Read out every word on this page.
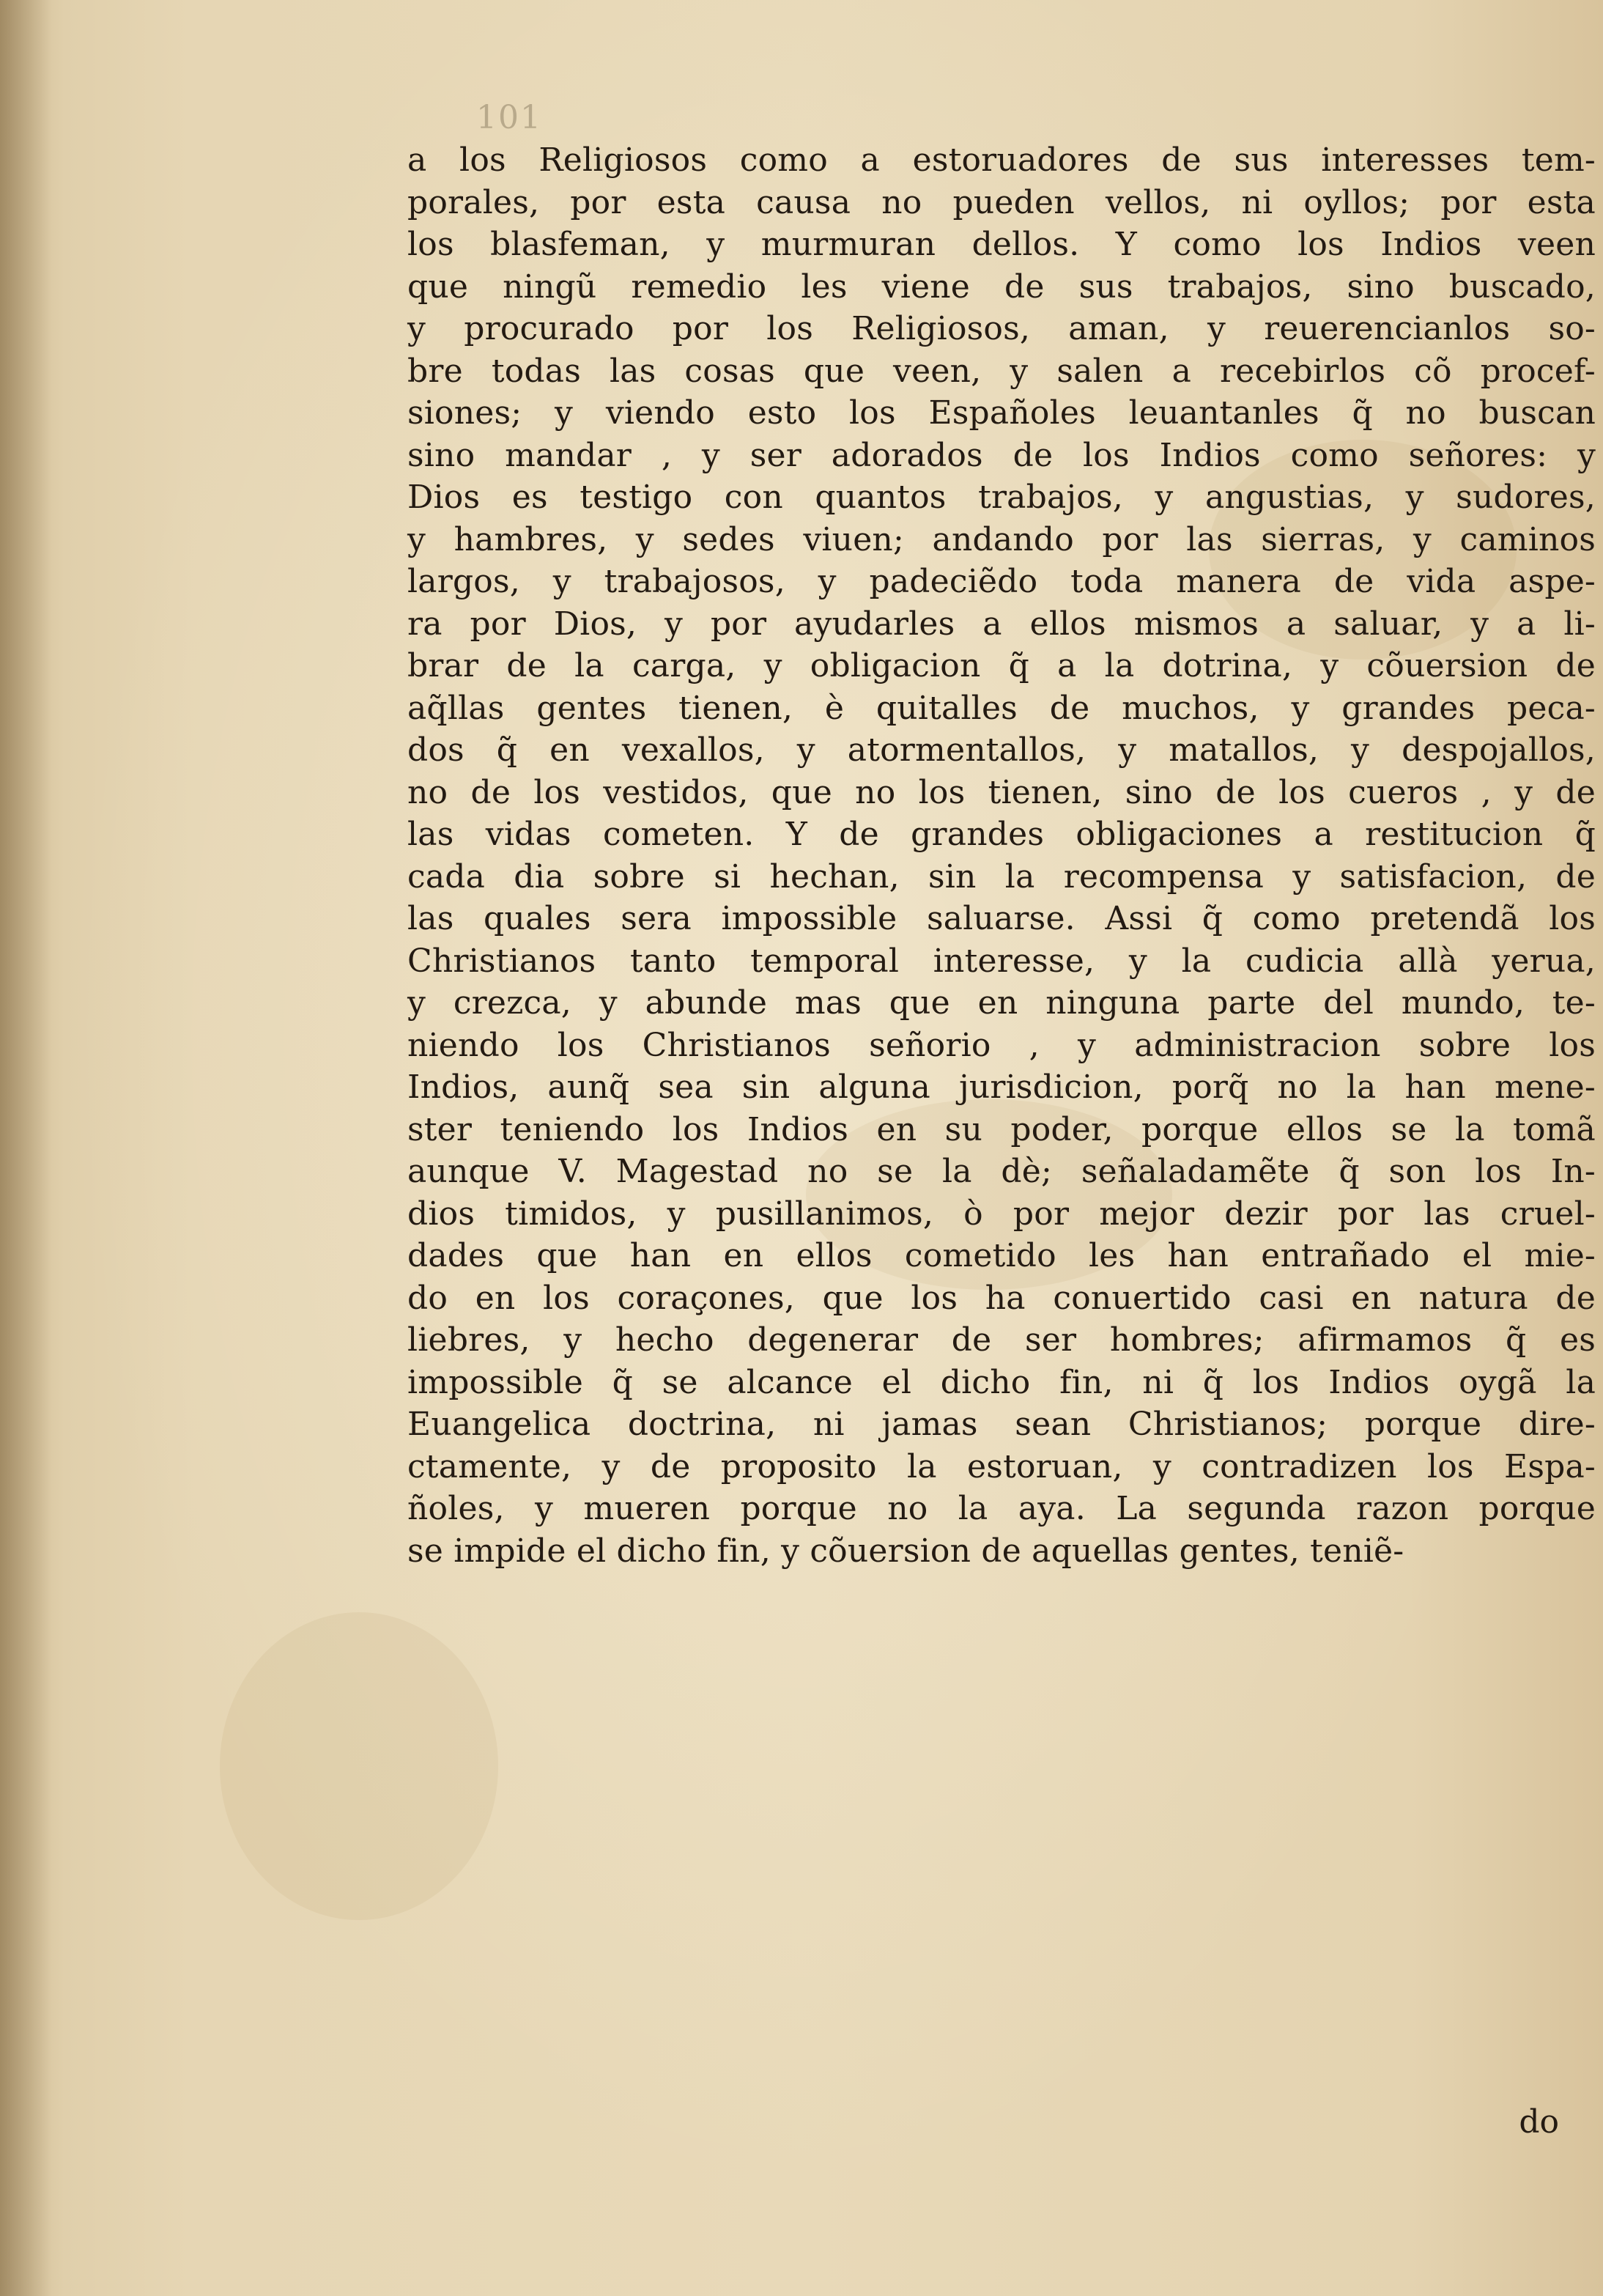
101
a los Religiosos como a estoruadores de sus interesses tem-
porales, por esta causa no pueden vellos, ni oyllos; por esta
los blasfeman, y murmuran dellos. Y como los Indios veen
que ningũ remedio les viene de sus trabajos, sino buscado,
y procurado por los Religiosos, aman, y reuerencianlos so-
bre todas las cosas que veen, y salen a recebirlos cõ procef-
siones; y viendo esto los Españoles leuantanles q̃ no buscan
sino mandar , y ser adorados de los Indios como señores: y
Dios es testigo con quantos trabajos, y angustias, y sudores,
y hambres, y sedes viuen; andando por las sierras, y caminos
largos, y trabajosos, y padeciẽdo toda manera de vida aspe-
ra por Dios, y por ayudarles a ellos mismos a saluar, y a li-
brar de la carga, y obligacion q̃ a la dotrina, y cõuersion de
aq̃llas gentes tienen, è quitalles de muchos, y grandes peca-
dos q̃ en vexallos, y atormentallos, y matallos, y despojallos,
no de los vestidos, que no los tienen, sino de los cueros , y de
las vidas cometen. Y de grandes obligaciones a restitucion q̃
cada dia sobre si hechan, sin la recompensa y satisfacion, de
las quales sera impossible saluarse. Assi q̃ como pretendã los
Christianos tanto temporal interesse, y la cudicia allà yerua,
y crezca, y abunde mas que en ninguna parte del mundo, te-
niendo los Christianos señorio , y administracion sobre los
Indios, aunq̃ sea sin alguna jurisdicion, porq̃ no la han mene-
ster teniendo los Indios en su poder, porque ellos se la tomã
aunque V. Magestad no se la dè; señaladamẽte q̃ son los In-
dios timidos, y pusillanimos, ò por mejor dezir por las cruel-
dades que han en ellos cometido les han entrañado el mie-
do en los coraçones, que los ha conuertido casi en natura de
liebres, y hecho degenerar de ser hombres; afirmamos q̃ es
impossible q̃ se alcance el dicho fin, ni q̃ los Indios oygã la
Euangelica doctrina, ni jamas sean Christianos; porque dire-
ctamente, y de proposito la estoruan, y contradizen los Espa-
ñoles, y mueren porque no la aya. La segunda razon porque
se impide el dicho fin, y cõuersion de aquellas gentes, teniẽ-
do
